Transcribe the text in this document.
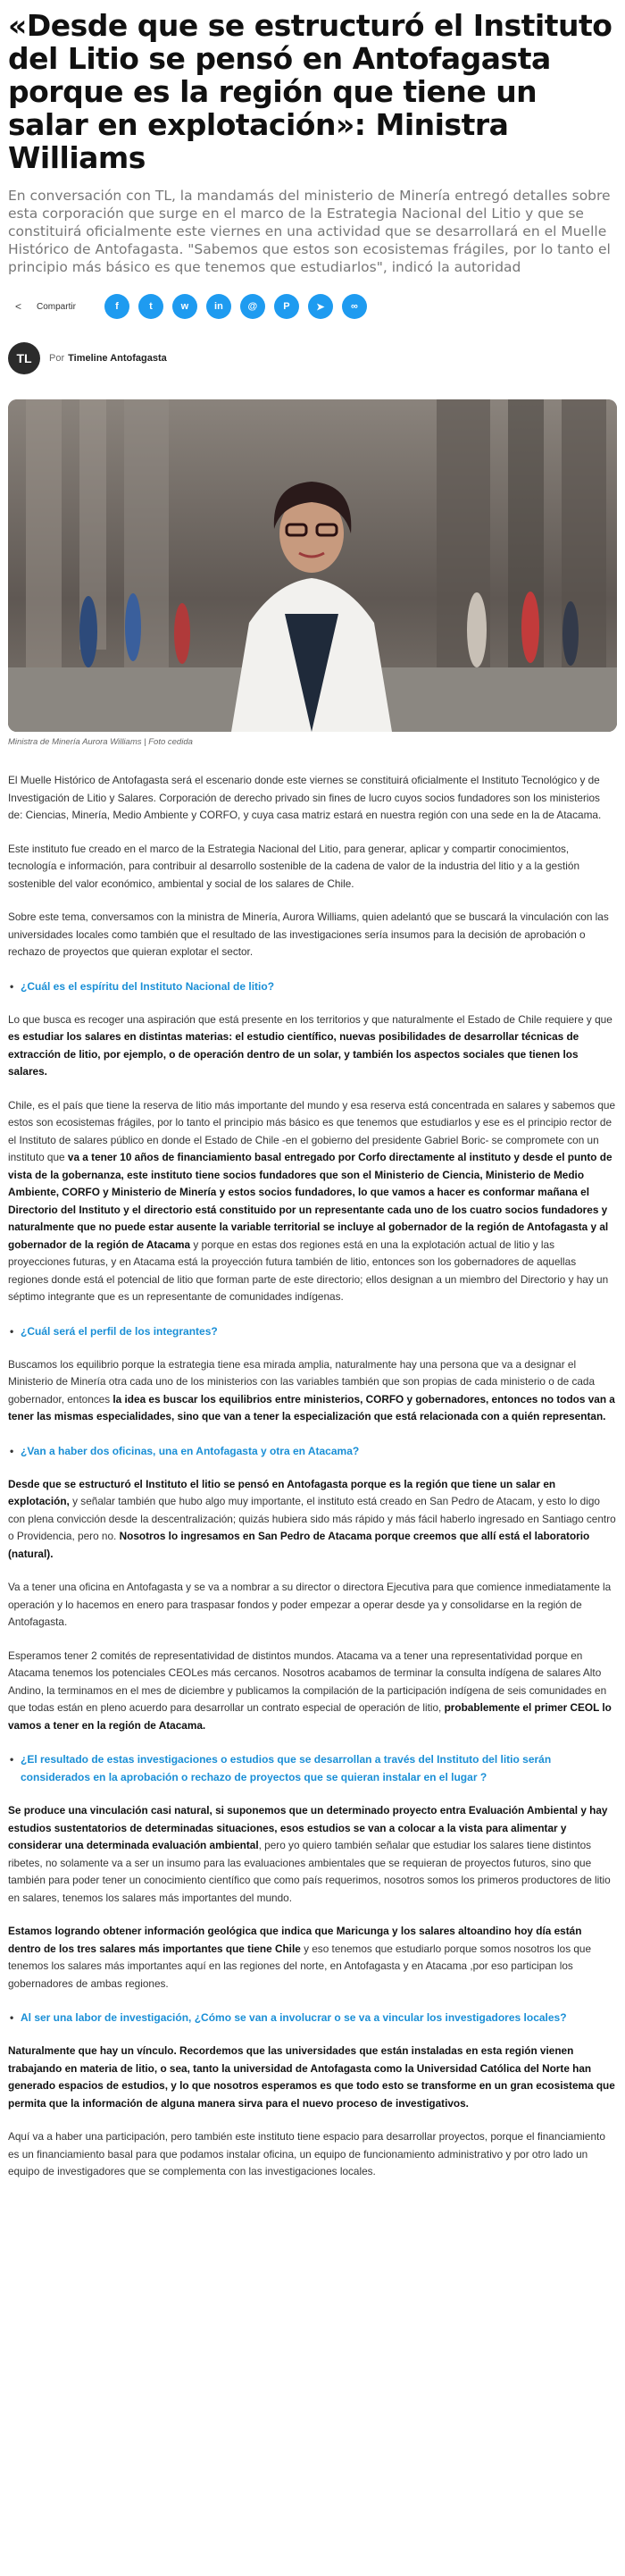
«Desde que se estructuró el Instituto del Litio se pensó en Antofagasta porque es la región que tiene un salar en explotación»: Ministra Williams
En conversación con TL, la mandamás del ministerio de Minería entregó detalles sobre esta corporación que surge en el marco de la Estrategia Nacional del Litio y que se constituirá oficialmente este viernes en una actividad que se desarrollará en el Muelle Histórico de Antofagasta. "Sabemos que estos son ecosistemas frágiles, por lo tanto el principio más básico es que tenemos que estudiarlos", indicó la autoridad
<	Compartir	f	t	w	in	@	P	➤	∞
TL	Por Timeline Antofagasta
Ministra de Minería Aurora Williams | Foto cedida

El Muelle Histórico de Antofagasta será el escenario donde este viernes se constituirá oficialmente el Instituto Tecnológico y de Investigación de Litio y Salares. Corporación de derecho privado sin fines de lucro cuyos socios fundadores son los ministerios de: Ciencias, Minería, Medio Ambiente y CORFO, y cuya casa matriz estará en nuestra región con una sede en la de Atacama.

Este instituto fue creado en el marco de la Estrategia Nacional del Litio, para generar, aplicar y compartir conocimientos, tecnología e información, para contribuir al desarrollo sostenible de la cadena de valor de la industria del litio y a la gestión sostenible del valor económico, ambiental y social de los salares de Chile.

Sobre este tema, conversamos con la ministra de Minería, Aurora Williams, quien adelantó que se buscará la vinculación con las universidades locales como también que el resultado de las investigaciones sería insumos para la decisión de aprobación o rechazo de proyectos que quieran explotar el sector.

• ¿Cuál es el espíritu del Instituto Nacional de litio?

Lo que busca es recoger una aspiración que está presente en los territorios y que naturalmente el Estado de Chile requiere y que es estudiar los salares en distintas materias: el estudio científico, nuevas posibilidades de desarrollar técnicas de extracción de litio, por ejemplo, o de operación dentro de un solar, y también los aspectos sociales que tienen los salares.

Chile, es el país que tiene la reserva de litio más importante del mundo y esa reserva está concentrada en salares y sabemos que estos son ecosistemas frágiles, por lo tanto el principio más básico es que tenemos que estudiarlos y ese es el principio rector de el Instituto de salares público en donde el Estado de Chile -en el gobierno del presidente Gabriel Boric- se compromete con un instituto que va a tener 10 años de financiamiento basal entregado por Corfo directamente al instituto y desde el punto de vista de la gobernanza, este instituto tiene socios fundadores que son el Ministerio de Ciencia, Ministerio de Medio Ambiente, CORFO y Ministerio de Minería y estos socios fundadores, lo que vamos a hacer es conformar mañana el Directorio del Instituto y el directorio está constituido por un representante cada uno de los cuatro socios fundadores y naturalmente que no puede estar ausente la variable territorial se incluye al gobernador de la región de Antofagasta y al gobernador de la región de Atacama y porque en estas dos regiones está en una la explotación actual de litio y las proyecciones futuras, y en Atacama está la proyección futura también de litio, entonces son los gobernadores de aquellas regiones donde está el potencial de litio que forman parte de este directorio; ellos designan a un miembro del Directorio y hay un séptimo integrante que es un representante de comunidades indígenas.

• ¿Cuál será el perfil de los integrantes?

Buscamos los equilibrio porque la estrategia tiene esa mirada amplia, naturalmente hay una persona que va a designar el Ministerio de Minería otra cada uno de los ministerios con las variables también que son propias de cada ministerio o de cada gobernador, entonces la idea es buscar los equilibrios entre ministerios, CORFO y gobernadores, entonces no todos van a tener las mismas especialidades, sino que van a tener la especialización que está relacionada con a quién representan.

• ¿Van a haber dos oficinas, una en Antofagasta y otra en Atacama?

Desde que se estructuró el Instituto el litio se pensó en Antofagasta porque es la región que tiene un salar en explotación, y señalar también que hubo algo muy importante, el instituto está creado en San Pedro de Atacam, y esto lo digo con plena convicción desde la descentralización; quizás hubiera sido más rápido y más fácil haberlo ingresado en Santiago centro o Providencia, pero no. Nosotros lo ingresamos en San Pedro de Atacama porque creemos que allí está el laboratorio (natural).

Va a tener una oficina en Antofagasta y se va a nombrar a su director o directora Ejecutiva para que comience inmediatamente la operación y lo hacemos en enero para traspasar fondos y poder empezar a operar desde ya y consolidarse en la región de Antofagasta.

Esperamos tener 2 comités de representatividad de distintos mundos. Atacama va a tener una representatividad porque en Atacama tenemos los potenciales CEOLes más cercanos. Nosotros acabamos de terminar la consulta indígena de salares Alto Andino, la terminamos en el mes de diciembre y publicamos la compilación de la participación indígena de seis comunidades en que todas están en pleno acuerdo para desarrollar un contrato especial de operación de litio, probablemente el primer CEOL lo vamos a tener en la región de Atacama.

• ¿El resultado de estas investigaciones o estudios que se desarrollan a través del Instituto del litio serán considerados en la aprobación o rechazo de proyectos que se quieran instalar en el lugar ?

Se produce una vinculación casi natural, si suponemos que un determinado proyecto entra Evaluación Ambiental y hay estudios sustentatorios de determinadas situaciones, esos estudios se van a colocar a la vista para alimentar y considerar una determinada evaluación ambiental, pero yo quiero también señalar que estudiar los salares tiene distintos ribetes, no solamente va a ser un insumo para las evaluaciones ambientales que se requieran de proyectos futuros, sino que también para poder tener un conocimiento científico que como país requerimos, nosotros somos los primeros productores de litio en salares, tenemos los salares más importantes del mundo.

Estamos logrando obtener información geológica que indica que Maricunga y los salares altoandino hoy día están dentro de los tres salares más importantes que tiene Chile y eso tenemos que estudiarlo porque somos nosotros los que tenemos los salares más importantes aquí en las regiones del norte, en Antofagasta y en Atacama ,por eso participan los gobernadores de ambas regiones.

• Al ser una labor de investigación, ¿Cómo se van a involucrar o se va a vincular los investigadores locales?

Naturalmente que hay un vínculo. Recordemos que las universidades que están instaladas en esta región vienen trabajando en materia de litio, o sea, tanto la universidad de Antofagasta como la Universidad Católica del Norte han generado espacios de estudios, y lo que nosotros esperamos es que todo esto se transforme en un gran ecosistema que permita que la información de alguna manera sirva para el nuevo proceso de investigativos.

Aquí va a haber una participación, pero también este instituto tiene espacio para desarrollar proyectos, porque el financiamiento es un financiamiento basal para que podamos instalar oficina, un equipo de funcionamiento administrativo y por otro lado un equipo de investigadores que se complementa con las investigaciones locales.
